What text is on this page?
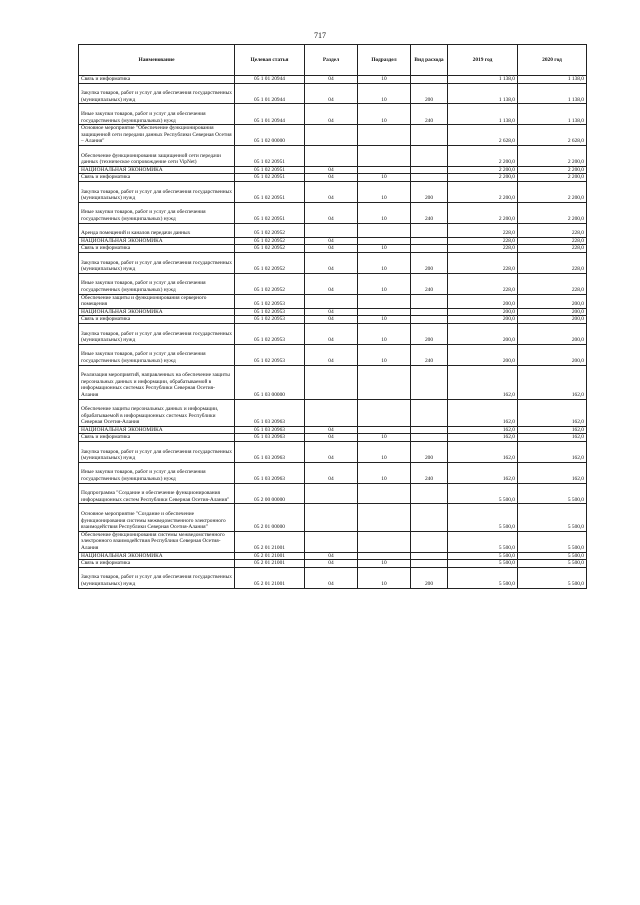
717
Наименование	Целевая статья	Раздел	Подраздел	Вид расхода	2019 год	2020 год
Связь и информатика	05 1 01 20944	04	10		1 138,0	1 138,0
Закупка товаров, работ и услуг для обеспечения государственных (муниципальных) нужд	05 1 01 20944	04	10	200	1 138,0	1 138,0
Иные закупки товаров, работ и услуг для обеспечения государственных (муниципальных) нужд	05 1 01 20944	04	10	240	1 138,0	1 138,0
Основное мероприятие "Обеспечение функционирования защищенной сети передачи данных Республики Северная Осетия – Алания"	05 1 02 00000				2 628,0	2 628,0
Обеспечение функционирования защищенной сети передачи данных (техническое сопровождение сети VipNet)	05 1 02 20951				2 200,0	2 200,0
НАЦИОНАЛЬНАЯ ЭКОНОМИКА	05 1 02 20951	04			2 200,0	2 200,0
Связь и информатика	05 1 02 20951	04	10		2 200,0	2 200,0
Закупка товаров, работ и услуг для обеспечения государственных (муниципальных) нужд	05 1 02 20951	04	10	200	2 200,0	2 200,0
Иные закупки товаров, работ и услуг для обеспечения государственных (муниципальных) нужд	05 1 02 20951	04	10	240	2 200,0	2 200,0
Аренда помещений и каналов передачи данных	05 1 02 20952				228,0	228,0
НАЦИОНАЛЬНАЯ ЭКОНОМИКА	05 1 02 20952	04			228,0	228,0
Связь и информатика	05 1 02 20952	04	10		228,0	228,0
Закупка товаров, работ и услуг для обеспечения государственных (муниципальных) нужд	05 1 02 20952	04	10	200	228,0	228,0
Иные закупки товаров, работ и услуг для обеспечения государственных (муниципальных) нужд	05 1 02 20952	04	10	240	228,0	228,0
Обеспечение защиты и функционирования серверного помещения	05 1 02 20953				200,0	200,0
НАЦИОНАЛЬНАЯ ЭКОНОМИКА	05 1 02 20953	04			200,0	200,0
Связь и информатика	05 1 02 20953	04	10		200,0	200,0
Закупка товаров, работ и услуг для обеспечения государственных (муниципальных) нужд	05 1 02 20953	04	10	200	200,0	200,0
Иные закупки товаров, работ и услуг для обеспечения государственных (муниципальных) нужд	05 1 02 20953	04	10	240	200,0	200,0
Реализация мероприятий, направленных на обеспечение защиты персональных данных и информации, обрабатываемой в информационных системах Республики Северная Осетия-Алания	05 1 03 00000				162,0	162,0
Обеспечение защиты персональных данных и информации, обрабатываемой в информационных системах Республики Северная Осетия-Алания	05 1 03 20963				162,0	162,0
НАЦИОНАЛЬНАЯ ЭКОНОМИКА	05 1 03 20963	04			162,0	162,0
Связь и информатика	05 1 03 20963	04	10		162,0	162,0
Закупка товаров, работ и услуг для обеспечения государственных (муниципальных) нужд	05 1 03 20963	04	10	200	162,0	162,0
Иные закупки товаров, работ и услуг для обеспечения государственных (муниципальных) нужд	05 1 03 20963	04	10	240	162,0	162,0
Подпрограмма "Создание и обеспечение функционирования информационных систем Республики Северная Осетия-Алания"	05 2 00 00000				5 500,0	5 500,0
Основное мероприятие "Создание и обеспечение функционирования системы межведомственного электронного взаимодействия Республики Северная Осетия-Алания"	05 2 01 00000				5 500,0	5 500,0
Обеспечение функционирования системы межведомственного электронного взаимодействия Республики Северная Осетия-Алания	05 2 01 21001				5 500,0	5 500,0
НАЦИОНАЛЬНАЯ ЭКОНОМИКА	05 2 01 21001	04			5 500,0	5 500,0
Связь и информатика	05 2 01 21001	04	10		5 500,0	5 500,0
Закупка товаров, работ и услуг для обеспечения государственных (муниципальных) нужд	05 2 01 21001	04	10	200	5 500,0	5 500,0
